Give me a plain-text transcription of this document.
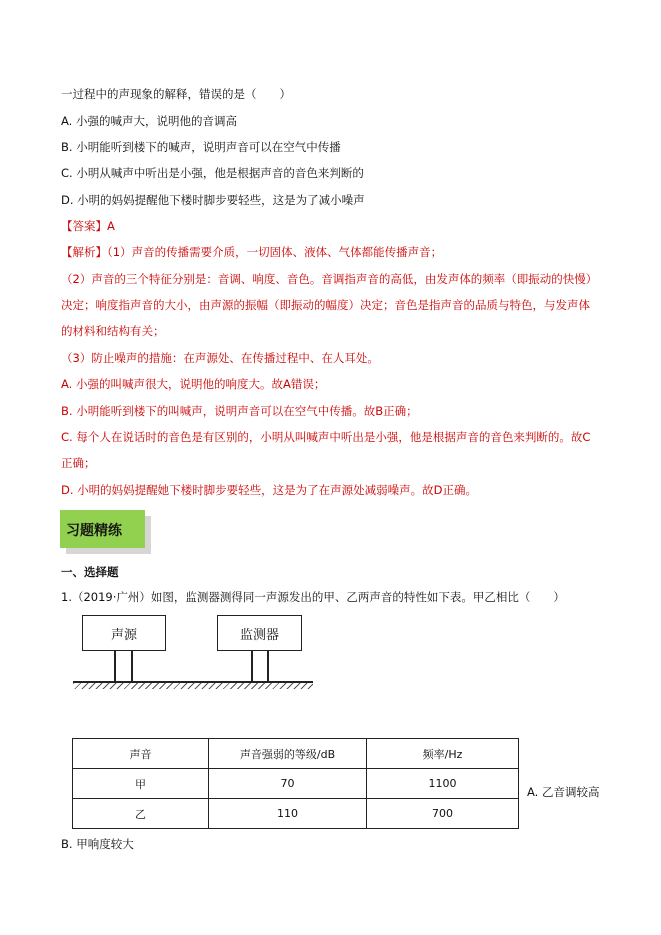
一过程中的声现象的解释，错误的是（　　）
A. 小强的喊声大，说明他的音调高
B. 小明能听到楼下的喊声，说明声音可以在空气中传播
C. 小明从喊声中听出是小强，他是根据声音的音色来判断的
D. 小明的妈妈提醒他下楼时脚步要轻些，这是为了减小噪声
【答案】A
【解析】（1）声音的传播需要介质，一切固体、液体、气体都能传播声音；
（2）声音的三个特征分别是：音调、响度、音色。音调指声音的高低，由发声体的频率（即振动的快慢）
决定；响度指声音的大小，由声源的振幅（即振动的幅度）决定；音色是指声音的品质与特色，与发声体
的材料和结构有关；
（3）防止噪声的措施：在声源处、在传播过程中、在人耳处。
A. 小强的叫喊声很大，说明他的响度大。故A错误；
B. 小明能听到楼下的叫喊声，说明声音可以在空气中传播。故B正确；
C. 每个人在说话时的音色是有区别的，小明从叫喊声中听出是小强，他是根据声音的音色来判断的。故C
正确；
D. 小明的妈妈提醒她下楼时脚步要轻些，这是为了在声源处减弱噪声。故D正确。
习题精练
一、选择题
1.（2019·广州）如图，监测器测得同一声源发出的甲、乙两声音的特性如下表。甲乙相比（　　）
声源	监测器
声音	声音强弱的等级/dB	频率/Hz
甲	70	1100
乙	110	700
A. 乙音调较高
B. 甲响度较大
